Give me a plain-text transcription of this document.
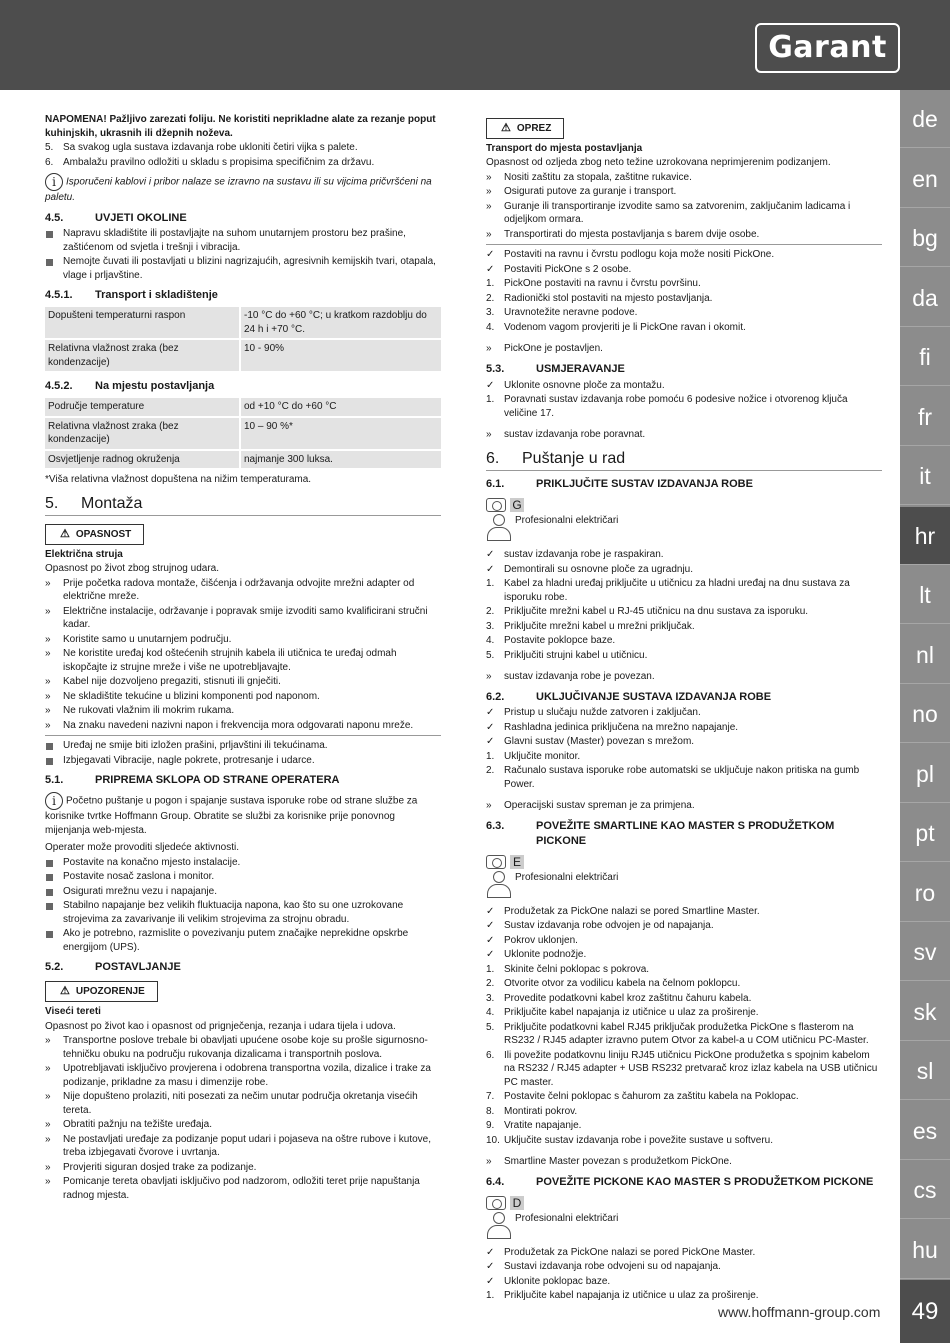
Garant
de
en
bg
da
fi
fr
it
hr
lt
nl
no
pl
pt
ro
sv
sk
sl
es
cs
hu
49
www.hoffmann-group.com

NAPOMENA! Pažljivo zarezati foliju. Ne koristiti neprikladne alate za rezanje poput kuhinjskih, ukrasnih ili džepnih noževa.

5. Sa svakog ugla sustava izdavanja robe ukloniti četiri vijka s palete.
6. Ambalažu pravilno odložiti u skladu s propisima specifičnim za državu.
i Isporučeni kablovi i pribor nalaze se izravno na sustavu ili su vijcima pričvršćeni na paletu.
4.5.	UVJETI OKOLINE
Napravu skladištite ili postavljajte na suhom unutarnjem prostoru bez prašine, zaštićenom od svjetla i trešnji i vibracija.
Nemojte čuvati ili postavljati u blizini nagrizajućih, agresivnih kemijskih tvari, otapala, vlage i prljavštine.
4.5.1.	Transport i skladištenje
Dopušteni temperaturni raspon	-10 °C do +60 °C; u kratkom razdoblju do 24 h i +70 °C.
Relativna vlažnost zraka (bez kondenzacije)	10 - 90%
4.5.2.	Na mjestu postavljanja
Područje temperature	od +10 °C do +60 °C
Relativna vlažnost zraka (bez kondenzacije)	10 – 90 %*
Osvjetljenje radnog okruženja	najmanje 300 luksa.

*Viša relativna vlažnost dopuštena na nižim temperaturama.

5.	Montaža
⚠ OPASNOST

Električna struja

Opasnost po život zbog strujnog udara.

» Prije početka radova montaže, čišćenja i održavanja odvojite mrežni adapter od električne mreže.
» Električne instalacije, održavanje i popravak smije izvoditi samo kvalificirani stručni kadar.
» Koristite samo u unutarnjem području.
» Ne koristite uređaj kod oštećenih strujnih kabela ili utičnica te uređaj odmah iskopčajte iz strujne mreže i više ne upotrebljavajte.
» Kabel nije dozvoljeno pregaziti, stisnuti ili gnječiti.
» Ne skladištite tekućine u blizini komponenti pod naponom.
» Ne rukovati vlažnim ili mokrim rukama.
» Na znaku navedeni nazivni napon i frekvencija mora odgovarati naponu mreže.
Uređaj ne smije biti izložen prašini, prljavštini ili tekućinama.
Izbjegavati Vibracije, nagle pokrete, protresanje i udarce.
5.1.	PRIPREMA SKLOPA OD STRANE OPERATERA
i Početno puštanje u pogon i spajanje sustava isporuke robe od strane službe za korisnike tvrtke Hoffmann Group. Obratite se službi za korisnike prije ponovnog mijenjanja web-mjesta.

Operater može provoditi sljedeće aktivnosti.

Postavite na konačno mjesto instalacije.
Postavite nosač zaslona i monitor.
Osigurati mrežnu vezu i napajanje.
Stabilno napajanje bez velikih fluktuacija napona, kao što su one uzrokovane strojevima za zavarivanje ili velikim strojevima za strojnu obradu.
Ako je potrebno, razmislite o povezivanju putem značajke neprekidne opskrbe energijom (UPS).
5.2.	POSTAVLJANJE
⚠ UPOZORENJE

Viseći tereti

Opasnost po život kao i opasnost od prignječenja, rezanja i udara tijela i udova.

» Transportne poslove trebale bi obavljati upućene osobe koje su prošle sigurnosno-tehničku obuku na području rukovanja dizalicama i transportnih poslova.
» Upotrebljavati isključivo provjerena i odobrena transportna vozila, dizalice i trake za podizanje, prikladne za masu i dimenzije robe.
» Nije dopušteno prolaziti, niti posezati za nečim unutar područja okretanja visećih tereta.
» Obratiti pažnju na težište uređaja.
» Ne postavljati uređaje za podizanje poput udari i pojaseva na oštre rubove i kutove, treba izbjegavati čvorove i uvrtanja.
» Provjeriti siguran dosjed trake za podizanje.
» Pomicanje tereta obavljati isključivo pod nadzorom, odložiti teret prije napuštanja radnog mjesta.
⚠ OPREZ

Transport do mjesta postavljanja

Opasnost od ozljeda zbog neto težine uzrokovana neprimjerenim podizanjem.

» Nositi zaštitu za stopala, zaštitne rukavice.
» Osigurati putove za guranje i transport.
» Guranje ili transportiranje izvodite samo sa zatvorenim, zaključanim ladicama i odjeljkom ormara.
» Transportirati do mjesta postavljanja s barem dvije osobe.
✓ Postaviti na ravnu i čvrstu podlogu koja može nositi PickOne.
✓ Postaviti PickOne s 2 osobe.
1. PickOne postaviti na ravnu i čvrstu površinu.
2. Radionički stol postaviti na mjesto postavljanja.
3. Uravnotežite neravne podove.
4. Vodenom vagom provjeriti je li PickOne ravan i okomit.
» PickOne je postavljen.
5.3.	USMJERAVANJE
✓ Uklonite osnovne ploče za montažu.
1. Poravnati sustav izdavanja robe pomoću 6 podesive nožice i otvorenog ključa veličine 17.
» sustav izdavanja robe poravnat.
6.	Puštanje u rad
6.1.	PRIKLJUČITE SUSTAV IZDAVANJA ROBE
G
Profesionalni električari
✓ sustav izdavanja robe je raspakiran.
✓ Demontirali su osnovne ploče za ugradnju.
1. Kabel za hladni uređaj priključite u utičnicu za hladni uređaj na dnu sustava za isporuku robe.
2. Priključite mrežni kabel u RJ-45 utičnicu na dnu sustava za isporuku.
3. Priključite mrežni kabel u mrežni priključak.
4. Postavite poklopce baze.
5. Priključiti strujni kabel u utičnicu.
» sustav izdavanja robe je povezan.
6.2.	UKLJUČIVANJE SUSTAVA IZDAVANJA ROBE
✓ Pristup u slučaju nužde zatvoren i zaključan.
✓ Rashladna jedinica priključena na mrežno napajanje.
✓ Glavni sustav (Master) povezan s mrežom.
1. Uključite monitor.
2. Računalo sustava isporuke robe automatski se uključuje nakon pritiska na gumb Power.
» Operacijski sustav spreman je za primjena.
6.3.	POVEŽITE SMARTLINE KAO MASTER S PRODUŽETKOM PICKONE
E
Profesionalni električari
✓ Produžetak za PickOne nalazi se pored Smartline Master.
✓ Sustav izdavanja robe odvojen je od napajanja.
✓ Pokrov uklonjen.
✓ Uklonite podnožje.
1. Skinite čelni poklopac s pokrova.
2. Otvorite otvor za vodilicu kabela na čelnom poklopcu.
3. Provedite podatkovni kabel kroz zaštitnu čahuru kabela.
4. Priključite kabel napajanja iz utičnice u ulaz za proširenje.
5. Priključite podatkovni kabel RJ45 priključak produžetka PickOne s flasterom na RS232 / RJ45 adapter izravno putem Otvor za kabel-a u COM utičnicu PC-Master.
6. Ili povežite podatkovnu liniju RJ45 utičnicu PickOne produžetka s spojnim kabelom na RS232 / RJ45 adapter + USB RS232 pretvarač kroz izlaz kabela na USB utičnicu PC master.
7. Postavite čelni poklopac s čahurom za zaštitu kabela na Poklopac.
8. Montirati pokrov.
9. Vratite napajanje.
10. Uključite sustav izdavanja robe i povežite sustave u softveru.
» Smartline Master povezan s produžetkom PickOne.
6.4.	POVEŽITE PICKONE KAO MASTER S PRODUŽETKOM PICKONE
D
Profesionalni električari
✓ Produžetak za PickOne nalazi se pored PickOne Master.
✓ Sustavi izdavanja robe odvojeni su od napajanja.
✓ Uklonite poklopac baze.
1. Priključite kabel napajanja iz utičnice u ulaz za proširenje.
